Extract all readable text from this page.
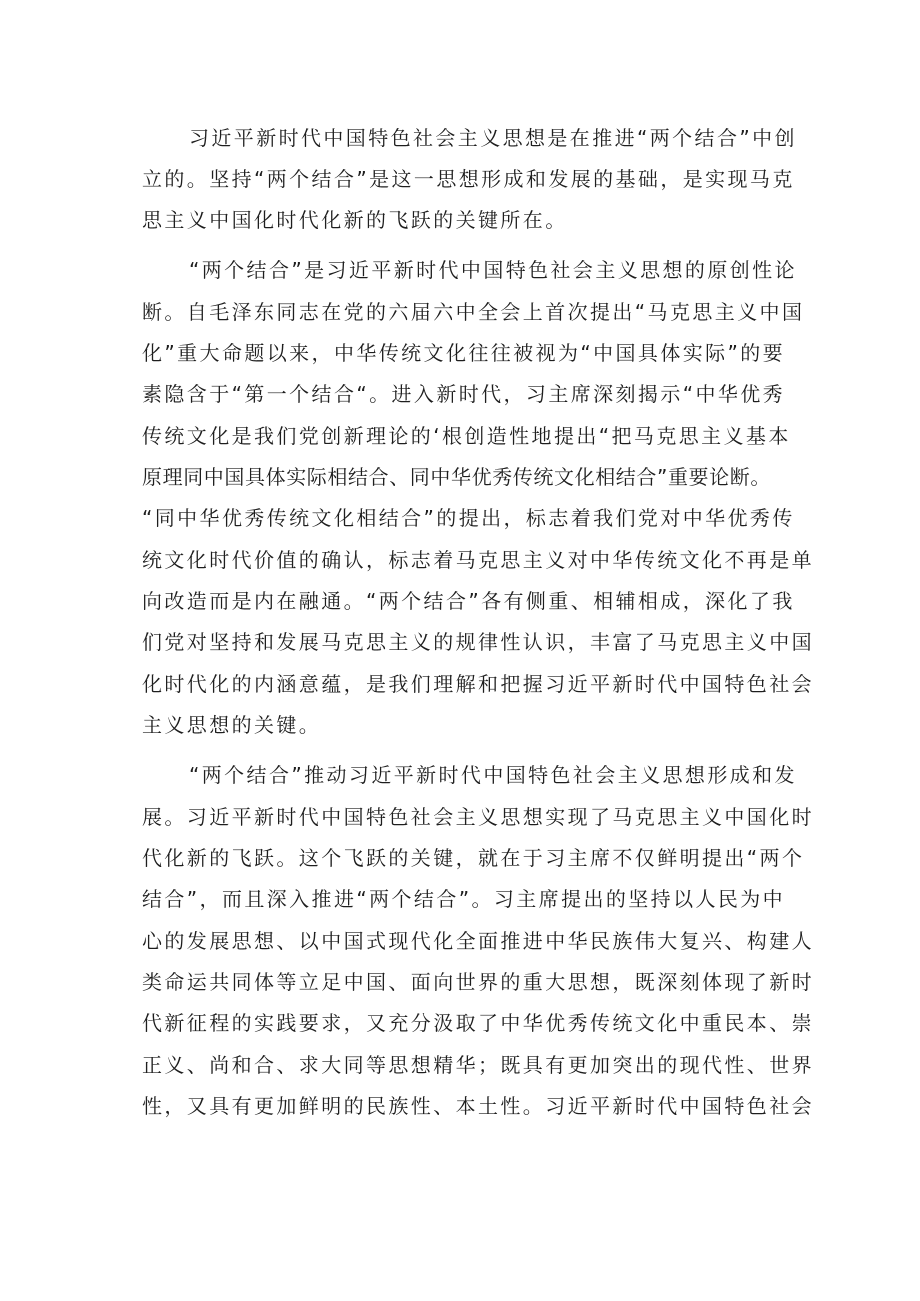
习近平新时代中国特色社会主义思想是在推进“两个结合”中创
立的。坚持“两个结合”是这一思想形成和发展的基础，是实现马克
思主义中国化时代化新的飞跃的关键所在。
“两个结合”是习近平新时代中国特色社会主义思想的原创性论
断。自毛泽东同志在党的六届六中全会上首次提出“马克思主义中国
化”重大命题以来，中华传统文化往往被视为“中国具体实际”的要
素隐含于“第一个结合“。进入新时代，习主席深刻揭示“中华优秀
传统文化是我们党创新理论的‘根创造性地提出“把马克思主义基本
原理同中国具体实际相结合、同中华优秀传统文化相结合”重要论断。
“同中华优秀传统文化相结合”的提出，标志着我们党对中华优秀传
统文化时代价值的确认，标志着马克思主义对中华传统文化不再是单
向改造而是内在融通。“两个结合”各有侧重、相辅相成，深化了我
们党对坚持和发展马克思主义的规律性认识，丰富了马克思主义中国
化时代化的内涵意蕴，是我们理解和把握习近平新时代中国特色社会
主义思想的关键。
“两个结合”推动习近平新时代中国特色社会主义思想形成和发
展。习近平新时代中国特色社会主义思想实现了马克思主义中国化时
代化新的飞跃。这个飞跃的关键，就在于习主席不仅鲜明提出“两个
结合”，而且深入推进“两个结合”。习主席提出的坚持以人民为中
心的发展思想、以中国式现代化全面推进中华民族伟大复兴、构建人
类命运共同体等立足中国、面向世界的重大思想，既深刻体现了新时
代新征程的实践要求，又充分汲取了中华优秀传统文化中重民本、崇
正义、尚和合、求大同等思想精华；既具有更加突出的现代性、世界
性，又具有更加鲜明的民族性、本土性。习近平新时代中国特色社会
